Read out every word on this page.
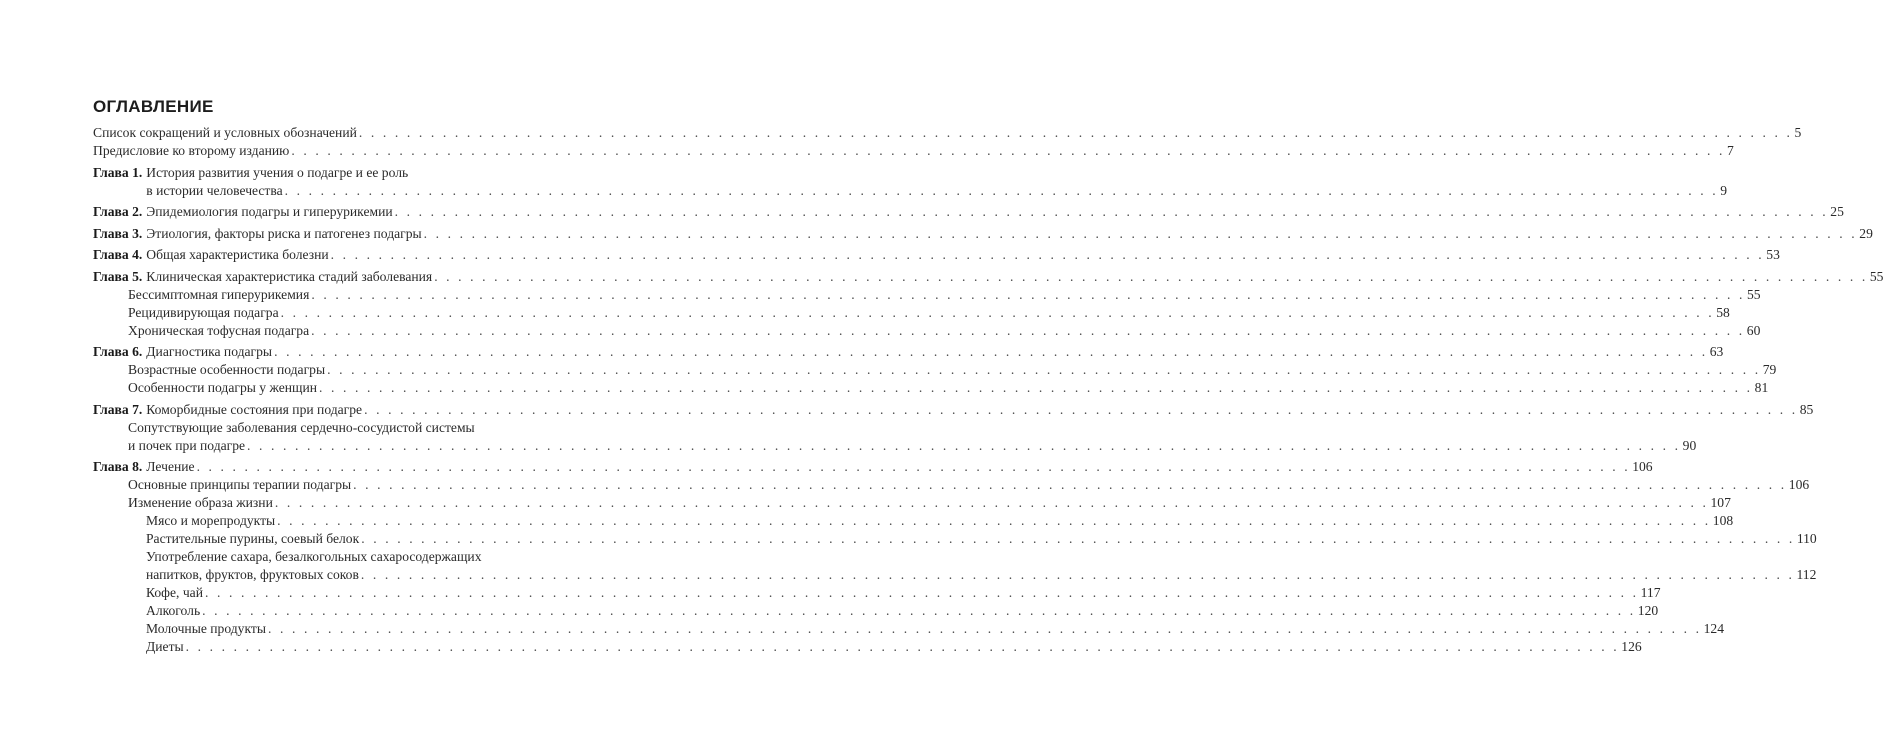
ОГЛАВЛЕНИЕ
Список сокращений и условных обозначений . . . . . . . . . . . . . . . . . . . . . . . . . . . . . . . . . . . . . . . . . . . . . . . . . . . . . . . . . . . . . . . . . . . . . . . . . . . . . . . . . . . . . . . . . . . . . . . . . . . . . . . . . . . . . . . . . . . . . . . . 5
Предисловие ко второму изданию . . . . . . . . . . . . . . . . . . . . . . . . . . . . . . . . . . . . . . . . . . . . . . . . . . . . . . . . . . . . . . . . . . . . . . . . . . . . . . . . . . . . . . . . . . . . . . . . . . . . . . . . . . . . . . . . . . . . . . . . 7
Глава 1. История развития учения о подагре и ее роль
в истории человечества . . . . . . . . . . . . . . . . . . . . . . . . . . . . . . . . . . . . . . . . . . . . . . . . . . . . . . . . . . . . . . . . . . . . . . . . . . . . . . . . . . . . . . . . . . . . . . . . . . . . . . . . . . . . . . . . . . . . . . . . 9
Глава 2. Эпидемиология подагры и гиперурикемии . . . . . . . . . . . . . . . . . . . . . . . . . . . . . . . . . . . . . . . . . . . . . . . . . . . . . . . . . . . . . . . . . . . . . . . . . . . . . . . . . . . . . . . . . . . . . . . . . . . . . . . . . . . . . . . . . . . . . . . . 25
Глава 3. Этиология, факторы риска и патогенез подагры . . . . . . . . . . . . . . . . . . . . . . . . . . . . . . . . . . . . . . . . . . . . . . . . . . . . . . . . . . . . . . . . . . . . . . . . . . . . . . . . . . . . . . . . . . . . . . . . . . . . . . . . . . . . . . . . . . . . . . . . 29
Глава 4. Общая характеристика болезни . . . . . . . . . . . . . . . . . . . . . . . . . . . . . . . . . . . . . . . . . . . . . . . . . . . . . . . . . . . . . . . . . . . . . . . . . . . . . . . . . . . . . . . . . . . . . . . . . . . . . . . . . . . . . . . . . . . . . . . . 53
Глава 5. Клиническая характеристика стадий заболевания . . . . . . . . . . . . . . . . . . . . . . . . . . . . . . . . . . . . . . . . . . . . . . . . . . . . . . . . . . . . . . . . . . . . . . . . . . . . . . . . . . . . . . . . . . . . . . . . . . . . . . . . . . . . . . . . . . . . . . . . 55
Бессимптомная гиперурикемия . . . . . . . . . . . . . . . . . . . . . . . . . . . . . . . . . . . . . . . . . . . . . . . . . . . . . . . . . . . . . . . . . . . . . . . . . . . . . . . . . . . . . . . . . . . . . . . . . . . . . . . . . . . . . . . . . . . . . . . . 55
Рецидивирующая подагра . . . . . . . . . . . . . . . . . . . . . . . . . . . . . . . . . . . . . . . . . . . . . . . . . . . . . . . . . . . . . . . . . . . . . . . . . . . . . . . . . . . . . . . . . . . . . . . . . . . . . . . . . . . . . . . . . . . . . . . . 58
Хроническая тофусная подагра . . . . . . . . . . . . . . . . . . . . . . . . . . . . . . . . . . . . . . . . . . . . . . . . . . . . . . . . . . . . . . . . . . . . . . . . . . . . . . . . . . . . . . . . . . . . . . . . . . . . . . . . . . . . . . . . . . . . . . . . 60
Глава 6. Диагностика подагры . . . . . . . . . . . . . . . . . . . . . . . . . . . . . . . . . . . . . . . . . . . . . . . . . . . . . . . . . . . . . . . . . . . . . . . . . . . . . . . . . . . . . . . . . . . . . . . . . . . . . . . . . . . . . . . . . . . . . . . . 63
Возрастные особенности подагры . . . . . . . . . . . . . . . . . . . . . . . . . . . . . . . . . . . . . . . . . . . . . . . . . . . . . . . . . . . . . . . . . . . . . . . . . . . . . . . . . . . . . . . . . . . . . . . . . . . . . . . . . . . . . . . . . . . . . . . . 79
Особенности подагры у женщин . . . . . . . . . . . . . . . . . . . . . . . . . . . . . . . . . . . . . . . . . . . . . . . . . . . . . . . . . . . . . . . . . . . . . . . . . . . . . . . . . . . . . . . . . . . . . . . . . . . . . . . . . . . . . . . . . . . . . . . . 81
Глава 7. Коморбидные состояния при подагре . . . . . . . . . . . . . . . . . . . . . . . . . . . . . . . . . . . . . . . . . . . . . . . . . . . . . . . . . . . . . . . . . . . . . . . . . . . . . . . . . . . . . . . . . . . . . . . . . . . . . . . . . . . . . . . . . . . . . . . . 85
Сопутствующие заболевания сердечно-сосудистой системы
и почек при подагре . . . . . . . . . . . . . . . . . . . . . . . . . . . . . . . . . . . . . . . . . . . . . . . . . . . . . . . . . . . . . . . . . . . . . . . . . . . . . . . . . . . . . . . . . . . . . . . . . . . . . . . . . . . . . . . . . . . . . . . . 90
Глава 8. Лечение . . . . . . . . . . . . . . . . . . . . . . . . . . . . . . . . . . . . . . . . . . . . . . . . . . . . . . . . . . . . . . . . . . . . . . . . . . . . . . . . . . . . . . . . . . . . . . . . . . . . . . . . . . . . . . . . . . . . . . . . 106
Основные принципы терапии подагры . . . . . . . . . . . . . . . . . . . . . . . . . . . . . . . . . . . . . . . . . . . . . . . . . . . . . . . . . . . . . . . . . . . . . . . . . . . . . . . . . . . . . . . . . . . . . . . . . . . . . . . . . . . . . . . . . . . . . . . . 106
Изменение образа жизни . . . . . . . . . . . . . . . . . . . . . . . . . . . . . . . . . . . . . . . . . . . . . . . . . . . . . . . . . . . . . . . . . . . . . . . . . . . . . . . . . . . . . . . . . . . . . . . . . . . . . . . . . . . . . . . . . . . . . . . . 107
Мясо и морепродукты . . . . . . . . . . . . . . . . . . . . . . . . . . . . . . . . . . . . . . . . . . . . . . . . . . . . . . . . . . . . . . . . . . . . . . . . . . . . . . . . . . . . . . . . . . . . . . . . . . . . . . . . . . . . . . . . . . . . . . . . 108
Растительные пурины, соевый белок . . . . . . . . . . . . . . . . . . . . . . . . . . . . . . . . . . . . . . . . . . . . . . . . . . . . . . . . . . . . . . . . . . . . . . . . . . . . . . . . . . . . . . . . . . . . . . . . . . . . . . . . . . . . . . . . . . . . . . . . 110
Употребление сахара, безалкогольных сахаросодержащих
напитков, фруктов, фруктовых соков . . . . . . . . . . . . . . . . . . . . . . . . . . . . . . . . . . . . . . . . . . . . . . . . . . . . . . . . . . . . . . . . . . . . . . . . . . . . . . . . . . . . . . . . . . . . . . . . . . . . . . . . . . . . . . . . . . . . . . . . 112
Кофе, чай . . . . . . . . . . . . . . . . . . . . . . . . . . . . . . . . . . . . . . . . . . . . . . . . . . . . . . . . . . . . . . . . . . . . . . . . . . . . . . . . . . . . . . . . . . . . . . . . . . . . . . . . . . . . . . . . . . . . . . . . 117
Алкоголь . . . . . . . . . . . . . . . . . . . . . . . . . . . . . . . . . . . . . . . . . . . . . . . . . . . . . . . . . . . . . . . . . . . . . . . . . . . . . . . . . . . . . . . . . . . . . . . . . . . . . . . . . . . . . . . . . . . . . . . . 120
Молочные продукты . . . . . . . . . . . . . . . . . . . . . . . . . . . . . . . . . . . . . . . . . . . . . . . . . . . . . . . . . . . . . . . . . . . . . . . . . . . . . . . . . . . . . . . . . . . . . . . . . . . . . . . . . . . . . . . . . . . . . . . . 124
Диеты . . . . . . . . . . . . . . . . . . . . . . . . . . . . . . . . . . . . . . . . . . . . . . . . . . . . . . . . . . . . . . . . . . . . . . . . . . . . . . . . . . . . . . . . . . . . . . . . . . . . . . . . . . . . . . . . . . . . . . . . 126
